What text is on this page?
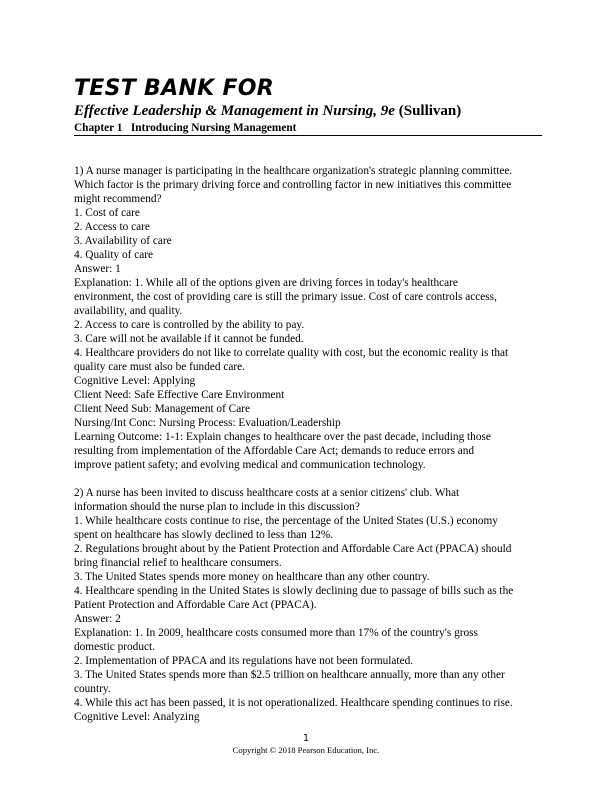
TEST BANK FOR
Effective Leadership & Management in Nursing, 9e (Sullivan)
Chapter 1   Introducing Nursing Management

1) A nurse manager is participating in the healthcare organization's strategic planning committee.

Which factor is the primary driving force and controlling factor in new initiatives this committee

might recommend?

1. Cost of care

2. Access to care

3. Availability of care

4. Quality of care

Answer: 1

Explanation: 1. While all of the options given are driving forces in today's healthcare

environment, the cost of providing care is still the primary issue. Cost of care controls access,

availability, and quality.

2. Access to care is controlled by the ability to pay.

3. Care will not be available if it cannot be funded.

4. Healthcare providers do not like to correlate quality with cost, but the economic reality is that

quality care must also be funded care.

Cognitive Level: Applying

Client Need: Safe Effective Care Environment

Client Need Sub: Management of Care

Nursing/Int Conc: Nursing Process: Evaluation/Leadership

Learning Outcome: 1-1: Explain changes to healthcare over the past decade, including those

resulting from implementation of the Affordable Care Act; demands to reduce errors and

improve patient safety; and evolving medical and communication technology.

2) A nurse has been invited to discuss healthcare costs at a senior citizens' club. What

information should the nurse plan to include in this discussion?

1. While healthcare costs continue to rise, the percentage of the United States (U.S.) economy

spent on healthcare has slowly declined to less than 12%.

2. Regulations brought about by the Patient Protection and Affordable Care Act (PPACA) should

bring financial relief to healthcare consumers.

3. The United States spends more money on healthcare than any other country.

4. Healthcare spending in the United States is slowly declining due to passage of bills such as the

Patient Protection and Affordable Care Act (PPACA).

Answer: 2

Explanation: 1. In 2009, healthcare costs consumed more than 17% of the country's gross

domestic product.

2. Implementation of PPACA and its regulations have not been formulated.

3. The United States spends more than $2.5 trillion on healthcare annually, more than any other

country.

4. While this act has been passed, it is not operationalized. Healthcare spending continues to rise.

Cognitive Level: Analyzing

1
Copyright © 2018 Pearson Education, Inc.
